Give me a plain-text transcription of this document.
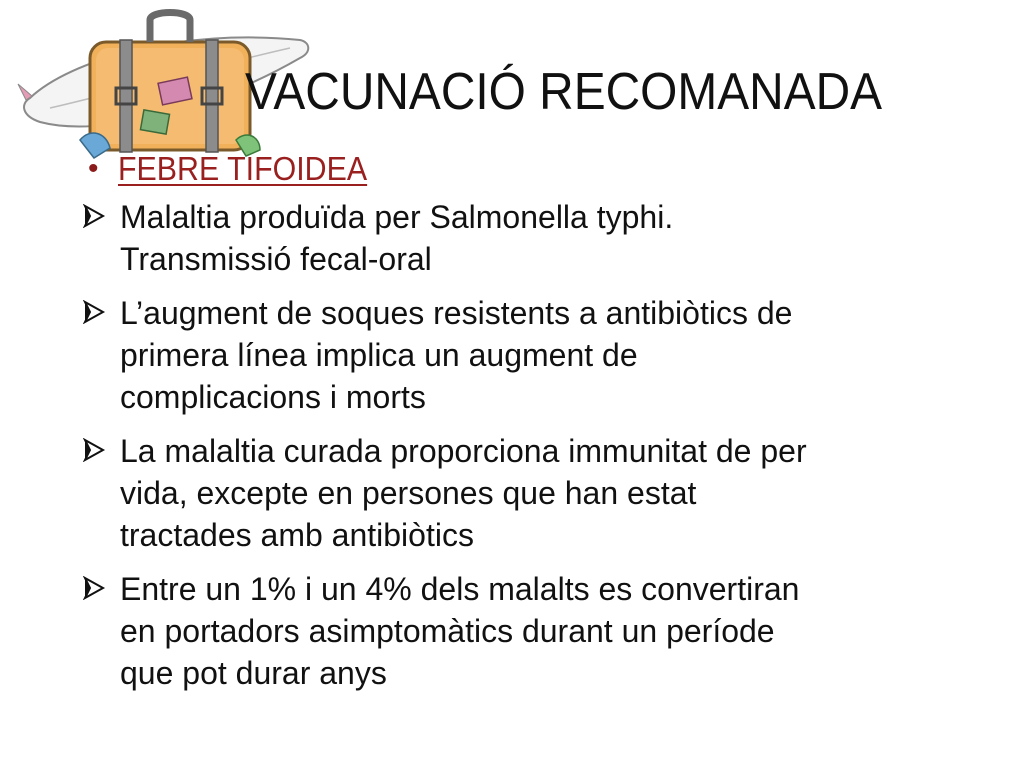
VACUNACIÓ RECOMANADA
• FEBRE TIFOIDEA
Malaltia produïda per Salmonella typhi.
Transmissió fecal-oral
L’augment de soques resistents a antibiòtics de
primera línea implica un augment de
complicacions i morts
La malaltia curada proporciona immunitat de per
vida, excepte en persones que han estat
tractades amb antibiòtics
Entre un 1% i un 4% dels malalts es convertiran
en portadors asimptomàtics durant un període
que pot durar anys
